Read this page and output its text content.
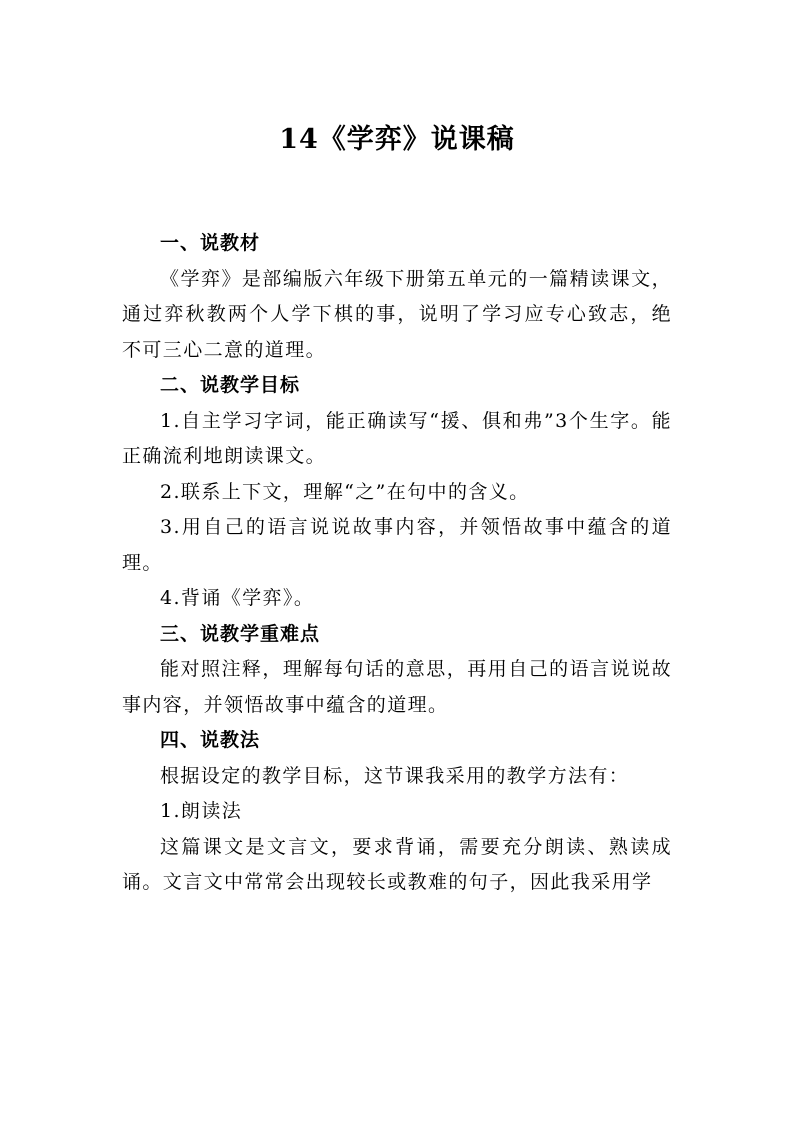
14《学弈》说课稿

一、说教材

《学弈》是部编版六年级下册第五单元的一篇精读课文，通过弈秋教两个人学下棋的事，说明了学习应专心致志，绝不可三心二意的道理。

二、说教学目标

1.自主学习字词，能正确读写“援、俱和弗”3个生字。能正确流利地朗读课文。

2.联系上下文，理解“之”在句中的含义。

3.用自己的语言说说故事内容，并领悟故事中蕴含的道理。

4.背诵《学弈》。

三、说教学重难点

能对照注释，理解每句话的意思，再用自己的语言说说故事内容，并领悟故事中蕴含的道理。

四、说教法

根据设定的教学目标，这节课我采用的教学方法有：

1.朗读法

这篇课文是文言文，要求背诵，需要充分朗读、熟读成诵。文言文中常常会出现较长或教难的句子，因此我采用学
